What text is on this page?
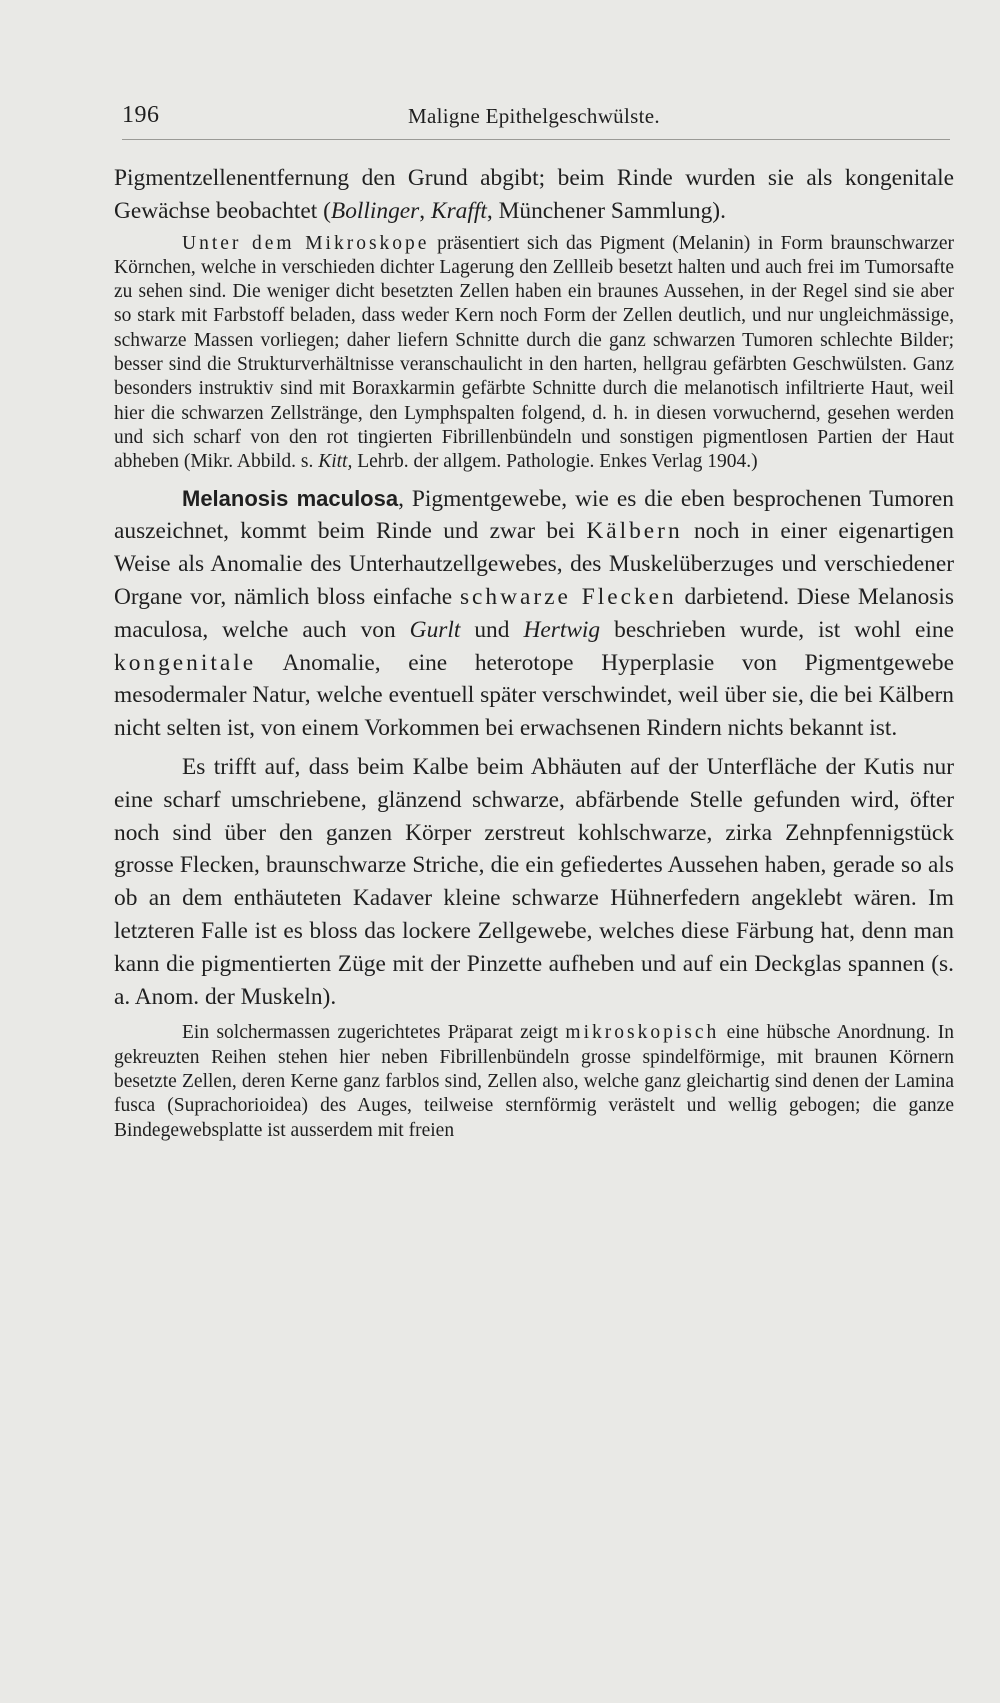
196	Maligne Epithelgeschwülste.

Pigmentzellenentfernung den Grund abgibt; beim Rinde wurden sie als kongenitale Gewächse beobachtet (Bollinger, Krafft, Münchener Sammlung).

Unter dem Mikroskope präsentiert sich das Pigment (Melanin) in Form braunschwarzer Körnchen, welche in verschieden dichter Lagerung den Zellleib besetzt halten und auch frei im Tumorsafte zu sehen sind. Die weniger dicht besetzten Zellen haben ein braunes Aussehen, in der Regel sind sie aber so stark mit Farbstoff beladen, dass weder Kern noch Form der Zellen deutlich, und nur ungleichmässige, schwarze Massen vorliegen; daher liefern Schnitte durch die ganz schwarzen Tumoren schlechte Bilder; besser sind die Strukturverhältnisse veranschaulicht in den harten, hellgrau gefärbten Geschwülsten. Ganz besonders instruktiv sind mit Boraxkarmin gefärbte Schnitte durch die melanotisch infiltrierte Haut, weil hier die schwarzen Zellstränge, den Lymphspalten folgend, d. h. in diesen vorwuchernd, gesehen werden und sich scharf von den rot tingierten Fibrillenbündeln und sonstigen pigmentlosen Partien der Haut abheben (Mikr. Abbild. s. Kitt, Lehrb. der allgem. Pathologie. Enkes Verlag 1904.)

Melanosis maculosa, Pigmentgewebe, wie es die eben besprochenen Tumoren auszeichnet, kommt beim Rinde und zwar bei Kälbern noch in einer eigenartigen Weise als Anomalie des Unterhautzellgewebes, des Muskelüberzuges und verschiedener Organe vor, nämlich bloss einfache schwarze Flecken darbietend. Diese Melanosis maculosa, welche auch von Gurlt und Hertwig beschrieben wurde, ist wohl eine kongenitale Anomalie, eine heterotope Hyperplasie von Pigmentgewebe mesodermaler Natur, welche eventuell später verschwindet, weil über sie, die bei Kälbern nicht selten ist, von einem Vorkommen bei erwachsenen Rindern nichts bekannt ist.

Es trifft auf, dass beim Kalbe beim Abhäuten auf der Unterfläche der Kutis nur eine scharf umschriebene, glänzend schwarze, abfärbende Stelle gefunden wird, öfter noch sind über den ganzen Körper zerstreut kohlschwarze, zirka Zehnpfennigstück grosse Flecken, braunschwarze Striche, die ein gefiedertes Aussehen haben, gerade so als ob an dem enthäuteten Kadaver kleine schwarze Hühnerfedern angeklebt wären. Im letzteren Falle ist es bloss das lockere Zellgewebe, welches diese Färbung hat, denn man kann die pigmentierten Züge mit der Pinzette aufheben und auf ein Deckglas spannen (s. a. Anom. der Muskeln).

Ein solchermassen zugerichtetes Präparat zeigt mikroskopisch eine hübsche Anordnung. In gekreuzten Reihen stehen hier neben Fibrillenbündeln grosse spindelförmige, mit braunen Körnern besetzte Zellen, deren Kerne ganz farblos sind, Zellen also, welche ganz gleichartig sind denen der Lamina fusca (Suprachorioidea) des Auges, teilweise sternförmig verästelt und wellig gebogen; die ganze Bindegewebsplatte ist ausserdem mit freien
